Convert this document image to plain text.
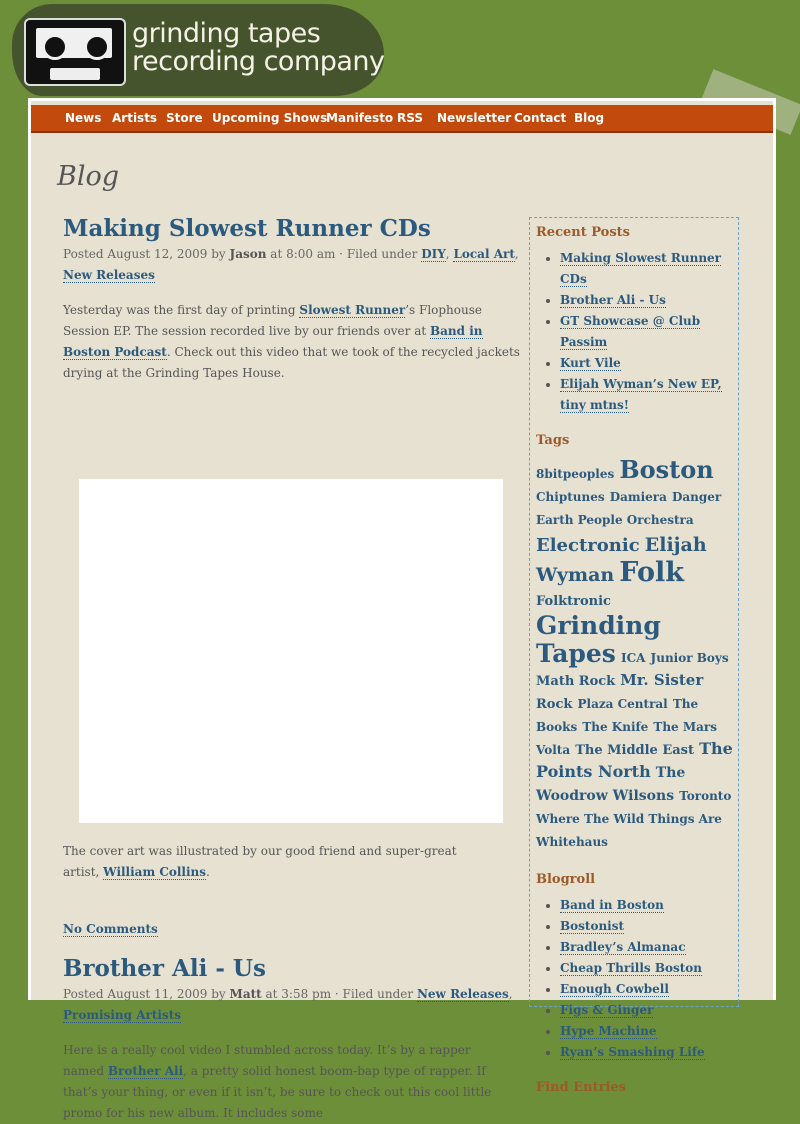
grinding tapes
recording company
News Artists Store Upcoming Shows
Manifesto RSS Newsletter Contact Blog
Blog
Making Slowest Runner CDs
Posted August 12, 2009 by Jason at 8:00 am · Filed under DIY, Local Art, New Releases

Yesterday was the first day of printing Slowest Runner’s Flophouse Session EP. The session recorded live by our friends over at Band in Boston Podcast. Check out this video that we took of the recycled jackets drying at the Grinding Tapes House.

The cover art was illustrated by our good friend and super-great artist, William Collins.

No Comments
Brother Ali - Us
Posted August 11, 2009 by Matt at 3:58 pm · Filed under New Releases, Promising Artists

Here is a really cool video I stumbled across today. It’s by a rapper named Brother Ali, a pretty solid honest boom-bap type of rapper. If that’s your thing, or even if it isn’t, be sure to check out this cool little promo for his new album. It includes some

Recent Posts
• Making Slowest Runner CDs
• Brother Ali - Us
• GT Showcase @ Club Passim
• Kurt Vile
• Elijah Wyman’s New EP, tiny mtns!
Tags
8bitpeoples Boston Chiptunes Damiera Danger Earth People Orchestra Electronic Elijah Wyman Folk Folktronic Grinding Tapes ICA Junior Boys Math Rock Mr. Sister Rock Plaza Central The Books The Knife The Mars Volta The Middle East The Points North The Woodrow Wilsons Toronto Where The Wild Things Are Whitehaus
Blogroll
• Band in Boston
• Bostonist
• Bradley’s Almanac
• Cheap Thrills Boston
• Enough Cowbell
• Figs & Ginger
• Hype Machine
• Ryan’s Smashing Life
Find Entries
